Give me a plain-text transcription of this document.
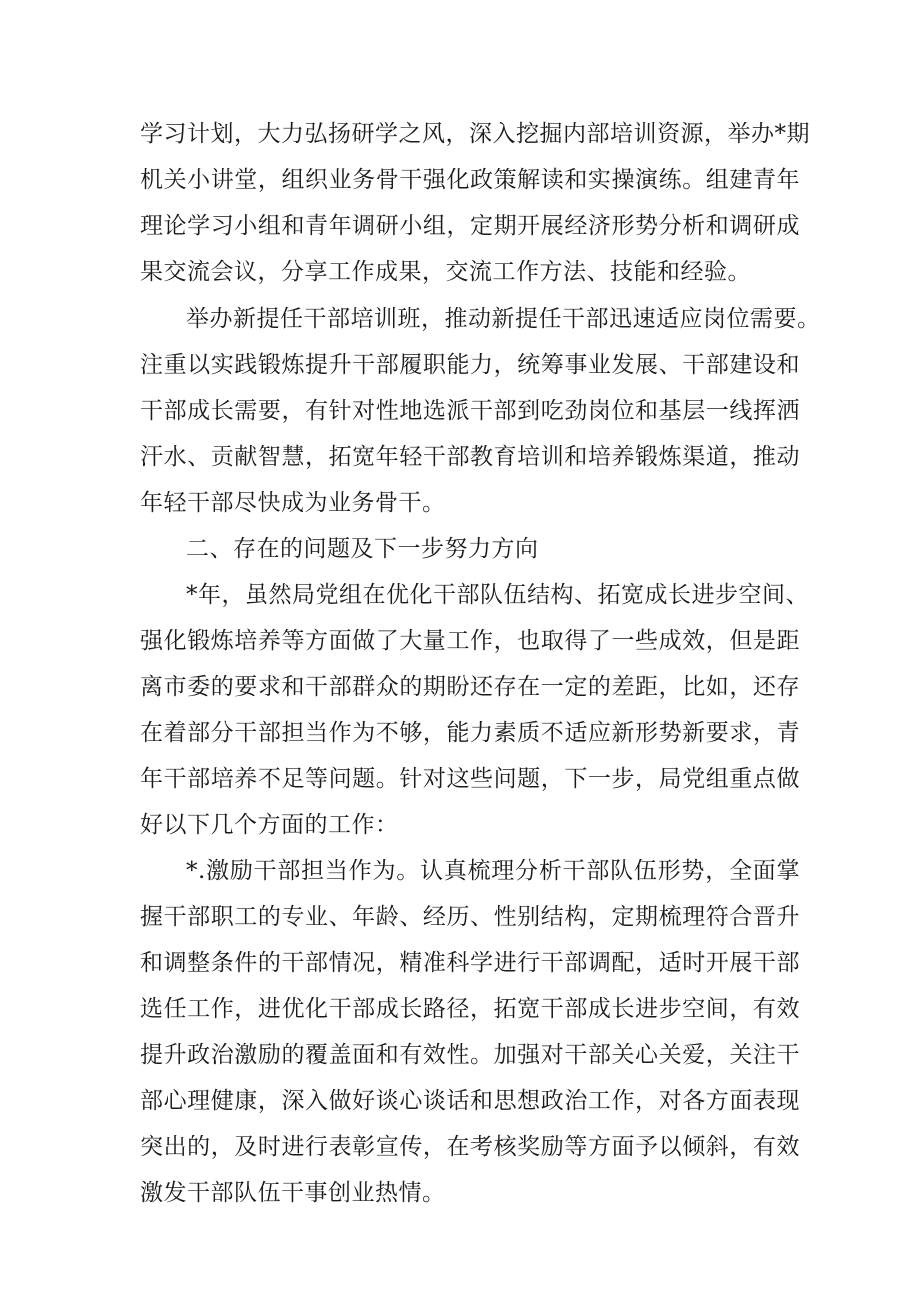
学习计划，大力弘扬研学之风，深入挖掘内部培训资源，举办*期
机关小讲堂，组织业务骨干强化政策解读和实操演练。组建青年
理论学习小组和青年调研小组，定期开展经济形势分析和调研成
果交流会议，分享工作成果，交流工作方法、技能和经验。
举办新提任干部培训班，推动新提任干部迅速适应岗位需要。
注重以实践锻炼提升干部履职能力，统筹事业发展、干部建设和
干部成长需要，有针对性地选派干部到吃劲岗位和基层一线挥洒
汗水、贡献智慧，拓宽年轻干部教育培训和培养锻炼渠道，推动
年轻干部尽快成为业务骨干。
二、存在的问题及下一步努力方向
*年，虽然局党组在优化干部队伍结构、拓宽成长进步空间、
强化锻炼培养等方面做了大量工作，也取得了一些成效，但是距
离市委的要求和干部群众的期盼还存在一定的差距，比如，还存
在着部分干部担当作为不够，能力素质不适应新形势新要求，青
年干部培养不足等问题。针对这些问题，下一步，局党组重点做
好以下几个方面的工作：
*.激励干部担当作为。认真梳理分析干部队伍形势，全面掌
握干部职工的专业、年龄、经历、性别结构，定期梳理符合晋升
和调整条件的干部情况，精准科学进行干部调配，适时开展干部
选任工作，进优化干部成长路径，拓宽干部成长进步空间，有效
提升政治激励的覆盖面和有效性。加强对干部关心关爱，关注干
部心理健康，深入做好谈心谈话和思想政治工作，对各方面表现
突出的，及时进行表彰宣传，在考核奖励等方面予以倾斜，有效
激发干部队伍干事创业热情。
